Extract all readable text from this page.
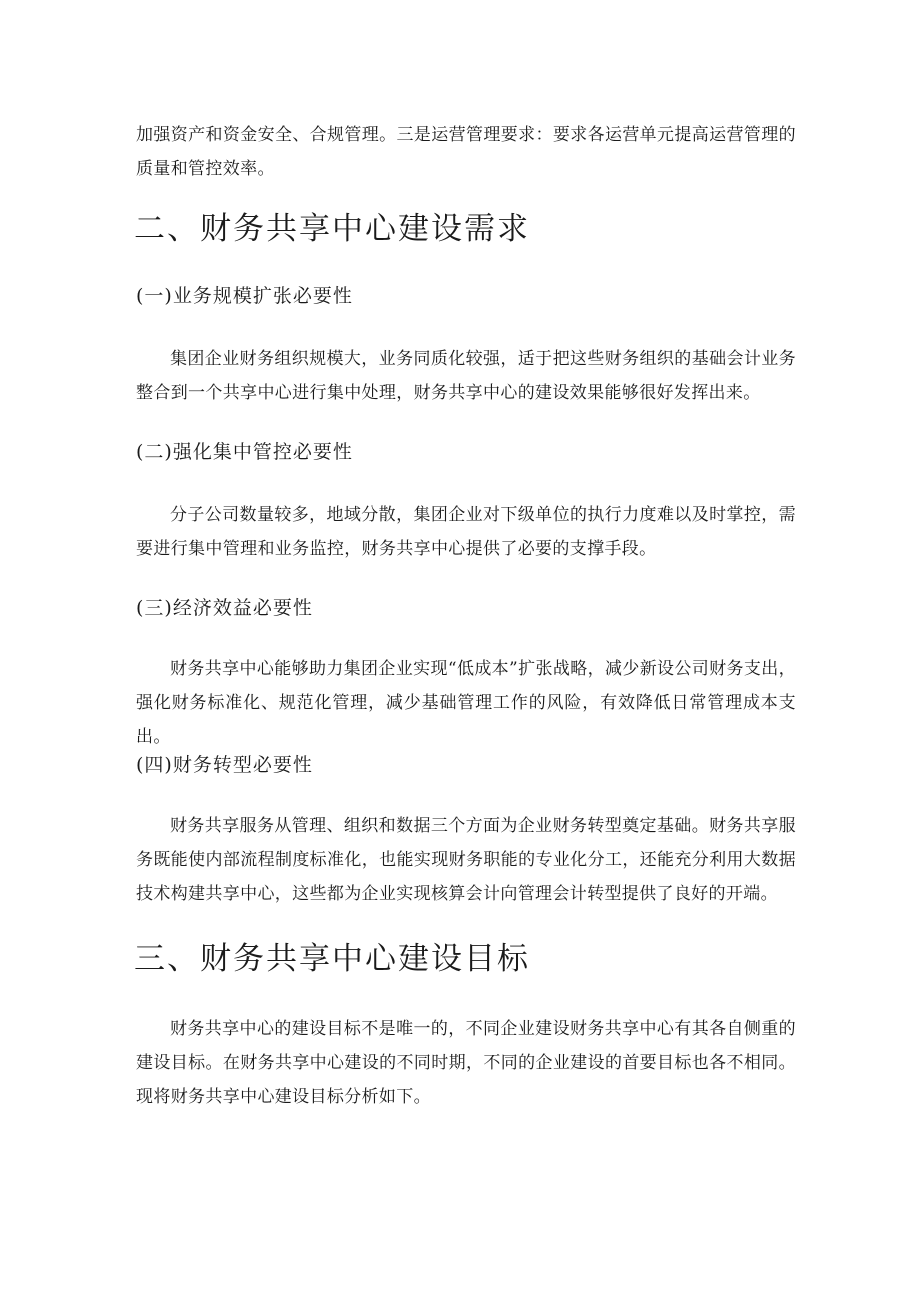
加强资产和资金安全、合规管理。三是运营管理要求：要求各运营单元提高运营管理的质量和管控效率。

二、财务共享中心建设需求
(一)业务规模扩张必要性

集团企业财务组织规模大，业务同质化较强，适于把这些财务组织的基础会计业务整合到一个共享中心进行集中处理，财务共享中心的建设效果能够很好发挥出来。

(二)强化集中管控必要性

分子公司数量较多，地域分散，集团企业对下级单位的执行力度难以及时掌控，需要进行集中管理和业务监控，财务共享中心提供了必要的支撑手段。

(三)经济效益必要性

财务共享中心能够助力集团企业实现“低成本”扩张战略，减少新设公司财务支出，强化财务标准化、规范化管理，减少基础管理工作的风险，有效降低日常管理成本支出。

(四)财务转型必要性

财务共享服务从管理、组织和数据三个方面为企业财务转型奠定基础。财务共享服务既能使内部流程制度标准化，也能实现财务职能的专业化分工，还能充分利用大数据技术构建共享中心，这些都为企业实现核算会计向管理会计转型提供了良好的开端。

三、财务共享中心建设目标

财务共享中心的建设目标不是唯一的，不同企业建设财务共享中心有其各自侧重的建设目标。在财务共享中心建设的不同时期，不同的企业建设的首要目标也各不相同。现将财务共享中心建设目标分析如下。
